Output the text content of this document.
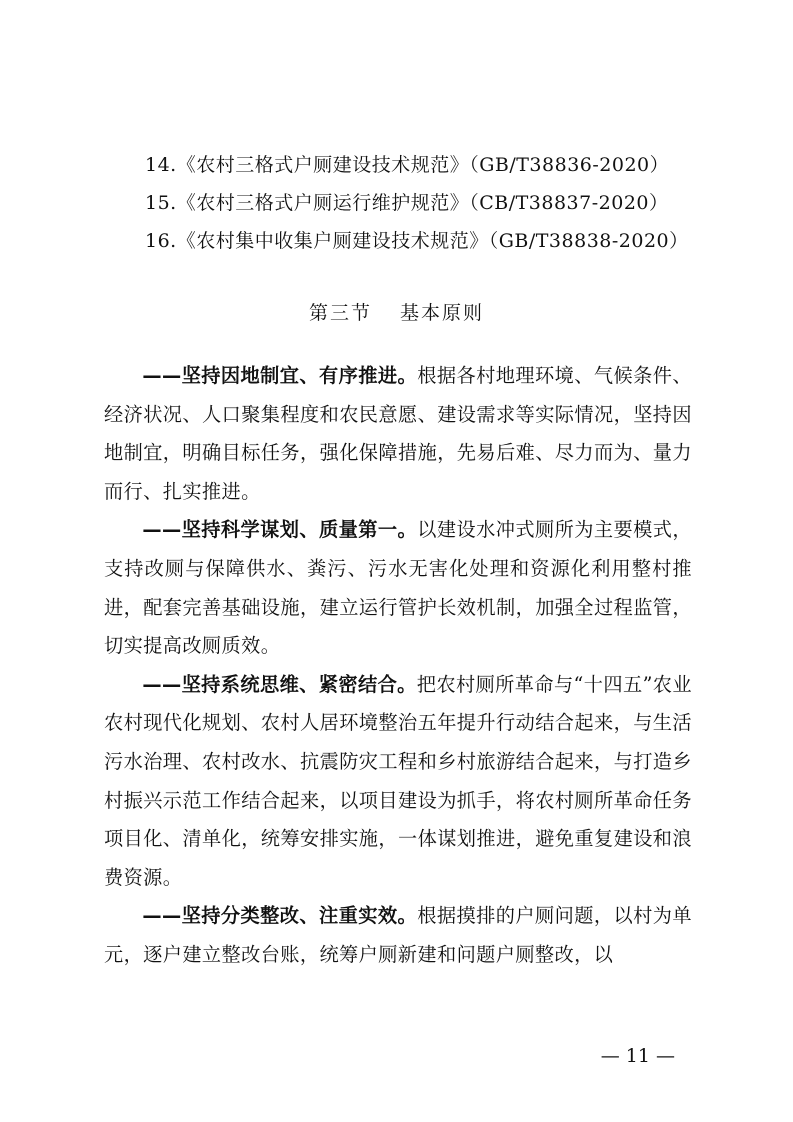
14.《农村三格式户厕建设技术规范》（GB/T38836-2020）
15.《农村三格式户厕运行维护规范》（CB/T38837-2020）
16.《农村集中收集户厕建设技术规范》（GB/T38838-2020）
第三节 基本原则

——坚持因地制宜、有序推进。根据各村地理环境、气候条件、经济状况、人口聚集程度和农民意愿、建设需求等实际情况，坚持因地制宜，明确目标任务，强化保障措施，先易后难、尽力而为、量力而行、扎实推进。

——坚持科学谋划、质量第一。以建设水冲式厕所为主要模式，支持改厕与保障供水、粪污、污水无害化处理和资源化利用整村推进，配套完善基础设施，建立运行管护长效机制，加强全过程监管，切实提高改厕质效。

——坚持系统思维、紧密结合。把农村厕所革命与“十四五”农业农村现代化规划、农村人居环境整治五年提升行动结合起来，与生活污水治理、农村改水、抗震防灾工程和乡村旅游结合起来，与打造乡村振兴示范工作结合起来，以项目建设为抓手，将农村厕所革命任务项目化、清单化，统筹安排实施，一体谋划推进，避免重复建设和浪费资源。

——坚持分类整改、注重实效。根据摸排的户厕问题，以村为单元，逐户建立整改台账，统筹户厕新建和问题户厕整改，以

— 11 —
